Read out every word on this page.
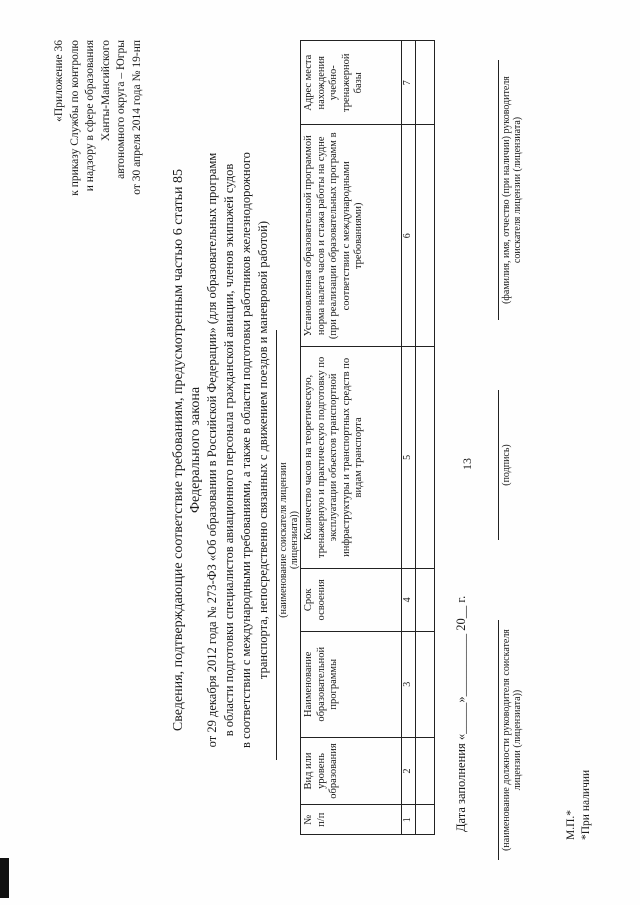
13
«Приложение 36 к приказу Службы по контролю и надзору в сфере образования Ханты-Мансийского автономного округа – Югры от 30 апреля 2014 года № 19-нп
Сведения, подтверждающие соответствие требованиям, предусмотренным частью 6 статьи 85 Федерального закона от 29 декабря 2012 года № 273-ФЗ «Об образовании в Российской Федерации» (для образовательных программ в области подготовки специалистов авиационного персонала гражданской авиации, членов экипажей судов в соответствии с международными требованиями, а также в области подготовки работников железнодорожного транспорта, непосредственно связанных с движением поездов и маневровой работой) (наименование соискателя лицензии (лицензиата))
№ п/п	Вид или уровень образования	Наименование образовательной программы	Срок освоения	Количество часов на теоретическую, тренажерную и практическую подготовку по эксплуатации объектов транспортной инфраструктуры и транспортных средств по видам транспорта	Установленная образовательной программой норма налета часов и стажа работы на судне (при реализации образовательных программ в соответствии с международными требованиями)	Адрес места нахождения учебно-тренажерной базы
1	2	3	4	5	6	7

Дата заполнения «_____»__________ 20__ г.	(наименование должности руководителя соискателя лицензии (лицензиата))
(подпись)
(фамилия, имя, отчество (при наличии) руководителя соискателя лицензии (лицензиата)
М.П.* *При наличии
